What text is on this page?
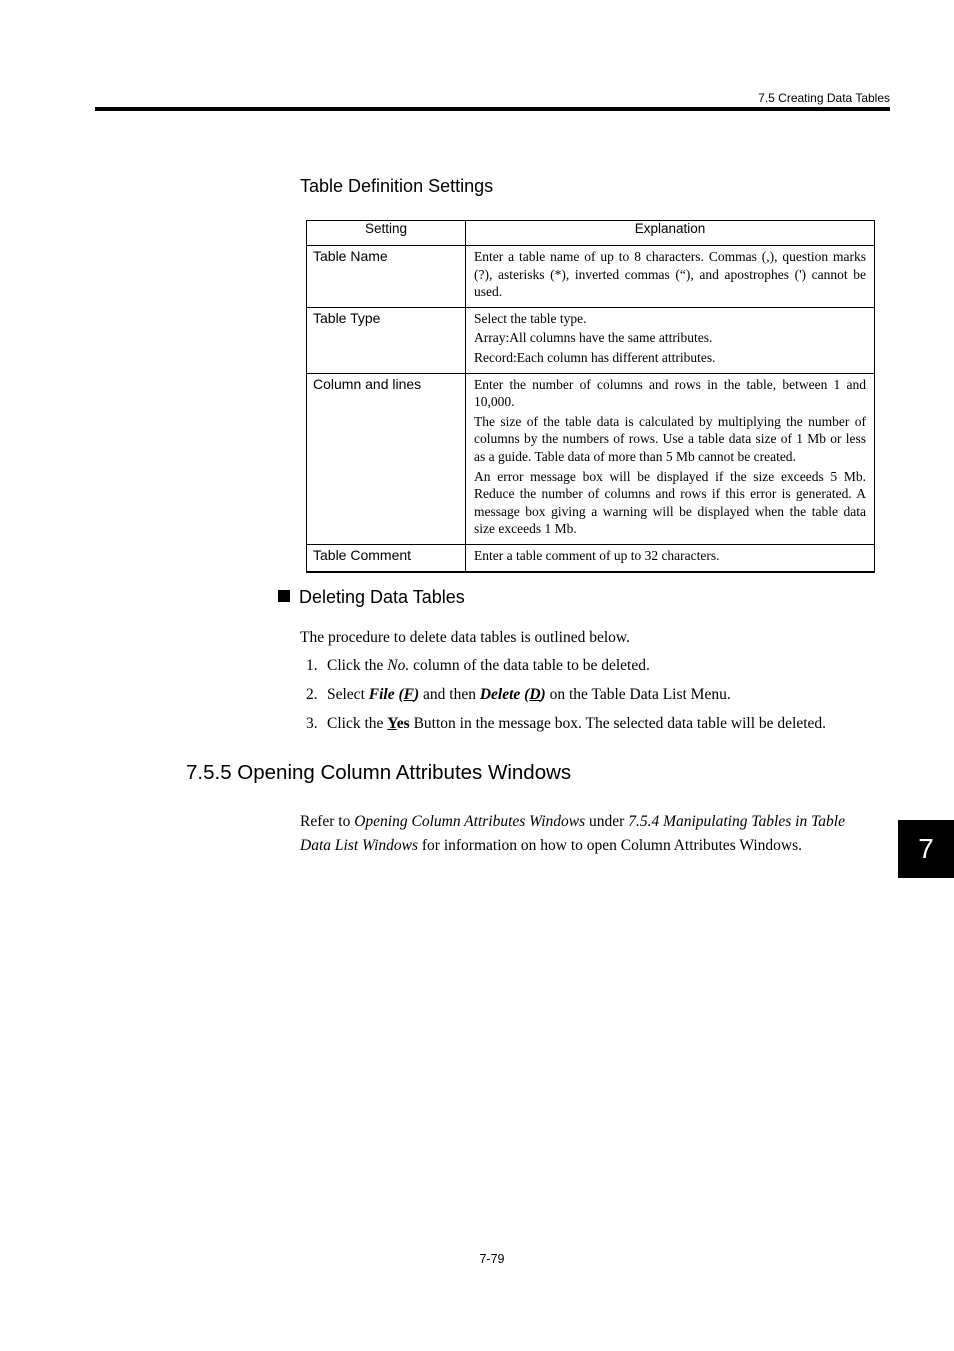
7.5 Creating Data Tables
Table Definition Settings
Setting	Explanation
Table Name	Enter a table name of up to 8 characters. Commas (,), question marks (?), asterisks (*), inverted commas (“), and apostrophes (') cannot be used.

Table Type	Select the table type.

Array:All columns have the same attributes.

Record:Each column has different attributes.

Column and lines	Enter the number of columns and rows in the table, between 1 and 10,000.

The size of the table data is calculated by multiplying the number of columns by the numbers of rows. Use a table data size of 1 Mb or less as a guide. Table data of more than 5 Mb cannot be created.

An error message box will be displayed if the size exceeds 5 Mb. Reduce the number of columns and rows if this error is generated. A message box giving a warning will be displayed when the table data size exceeds 1 Mb.

Table Comment	Enter a table comment of up to 32 characters.

Deleting Data Tables
The procedure to delete data tables is outlined below.
1. Click the No. column of the data table to be deleted.
2. Select File (F) and then Delete (D) on the Table Data List Menu.
3. Click the Yes Button in the message box. The selected data table will be deleted.
7.5.5 Opening Column Attributes Windows
Refer to Opening Column Attributes Windows under 7.5.4 Manipulating Tables in Table Data List Windows for information on how to open Column Attributes Windows.	7
7-79
